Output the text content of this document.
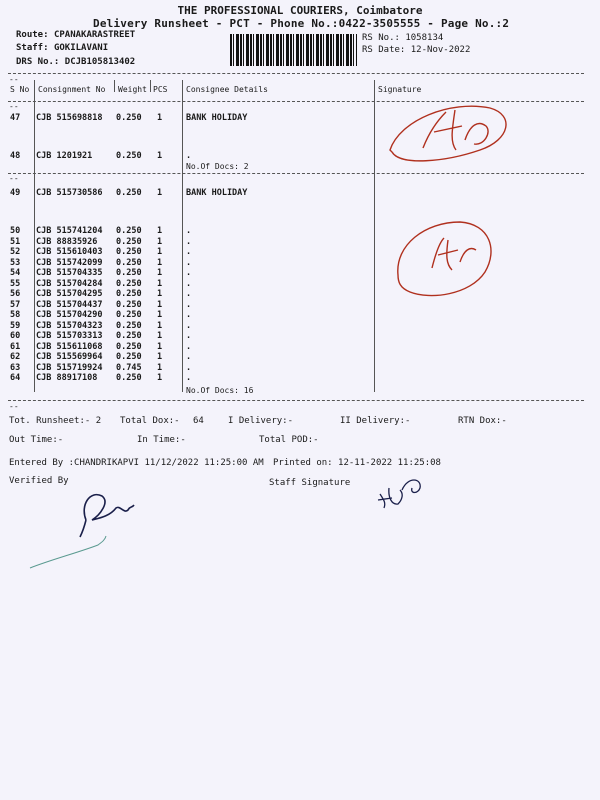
THE PROFESSIONAL COURIERS, Coimbatore
Delivery Runsheet - PCT - Phone No.:0422-3505555 - Page No.:2
Route: CPANAKARASTREET
Staff: GOKILAVANI
DRS No.: DCJB105813402
RS No.: 1058134
RS Date: 12-Nov-2022
--
--
S No Consignment No Weight PCS Consignee Details	Signature
47 CJB 515698818 0.250 1	BANK HOLIDAY
48 CJB 1201921	0.250 1	.
No.Of Docs: 2
--
49 CJB 515730586 0.250 1	BANK HOLIDAY
50 CJB 515741204 0.250 1	.
51 CJB 88835926 0.250 1	.
52 CJB 515610403 0.250 1	.
53 CJB 515742099 0.250 1	.
54 CJB 515704335 0.250 1	.
55 CJB 515704284 0.250 1	.
56 CJB 515704295 0.250 1	.
57 CJB 515704437 0.250 1	.
58 CJB 515704290 0.250 1	.
59 CJB 515704323 0.250 1	.
60 CJB 515703313 0.250 1	.
61 CJB 515611068 0.250 1	.
62 CJB 515569964 0.250 1	.
63 CJB 515719924 0.745 1	.
64 CJB 88917108 0.250 1	.
No.Of Docs: 16
--
Tot. Runsheet:- 2 Total Dox:- 64	I Delivery:-	II Delivery:-	RTN Dox:-
Out Time:-	In Time:-	Total POD:-
Entered By :CHANDRIKAPVI 11/12/2022 11:25:00 AM Printed on: 12-11-2022 11:25:08
Verified By	Staff Signature
